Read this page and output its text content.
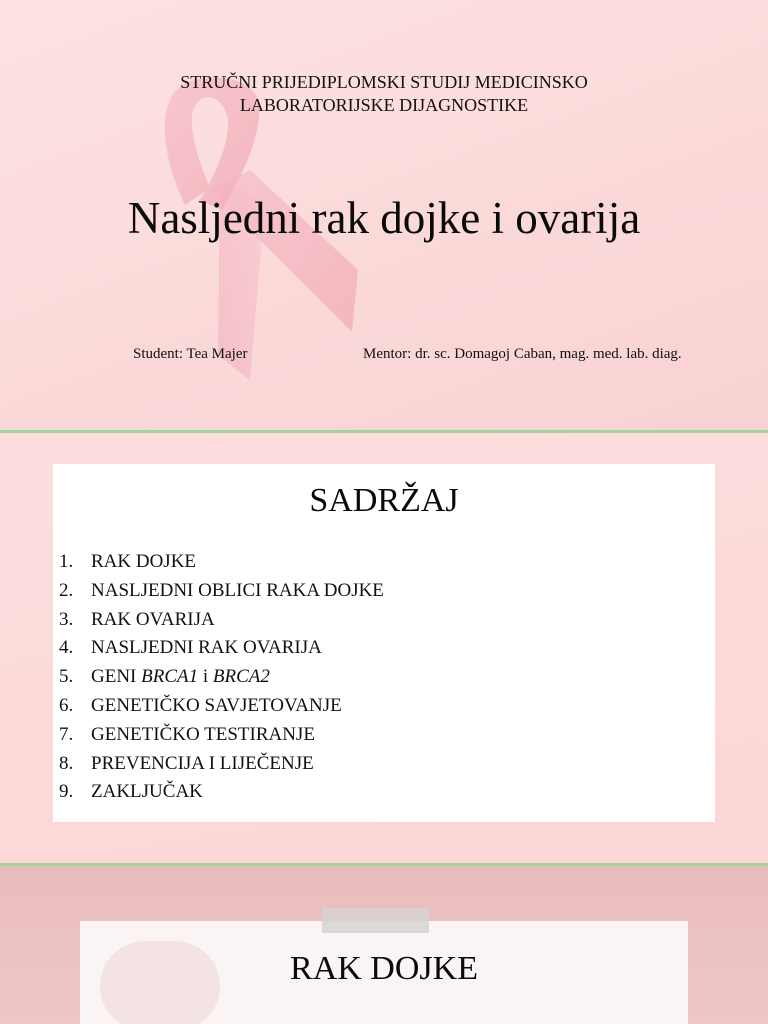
STRUČNI PRIJEDIPLOMSKI STUDIJ MEDICINSKO
LABORATORIJSKE DIJAGNOSTIKE
Nasljedni rak dojke i ovarija
Student: Tea Majer	Mentor: dr. sc. Domagoj Caban, mag. med. lab. diag.
SADRŽAJ
1. RAK DOJKE
2. NASLJEDNI OBLICI RAKA DOJKE
3. RAK OVARIJA
4. NASLJEDNI RAK OVARIJA
5. GENI BRCA1 i BRCA2
6. GENETIČKO SAVJETOVANJE
7. GENETIČKO TESTIRANJE
8. PREVENCIJA I LIJEČENJE
9. ZAKLJUČAK
RAK DOJKE
